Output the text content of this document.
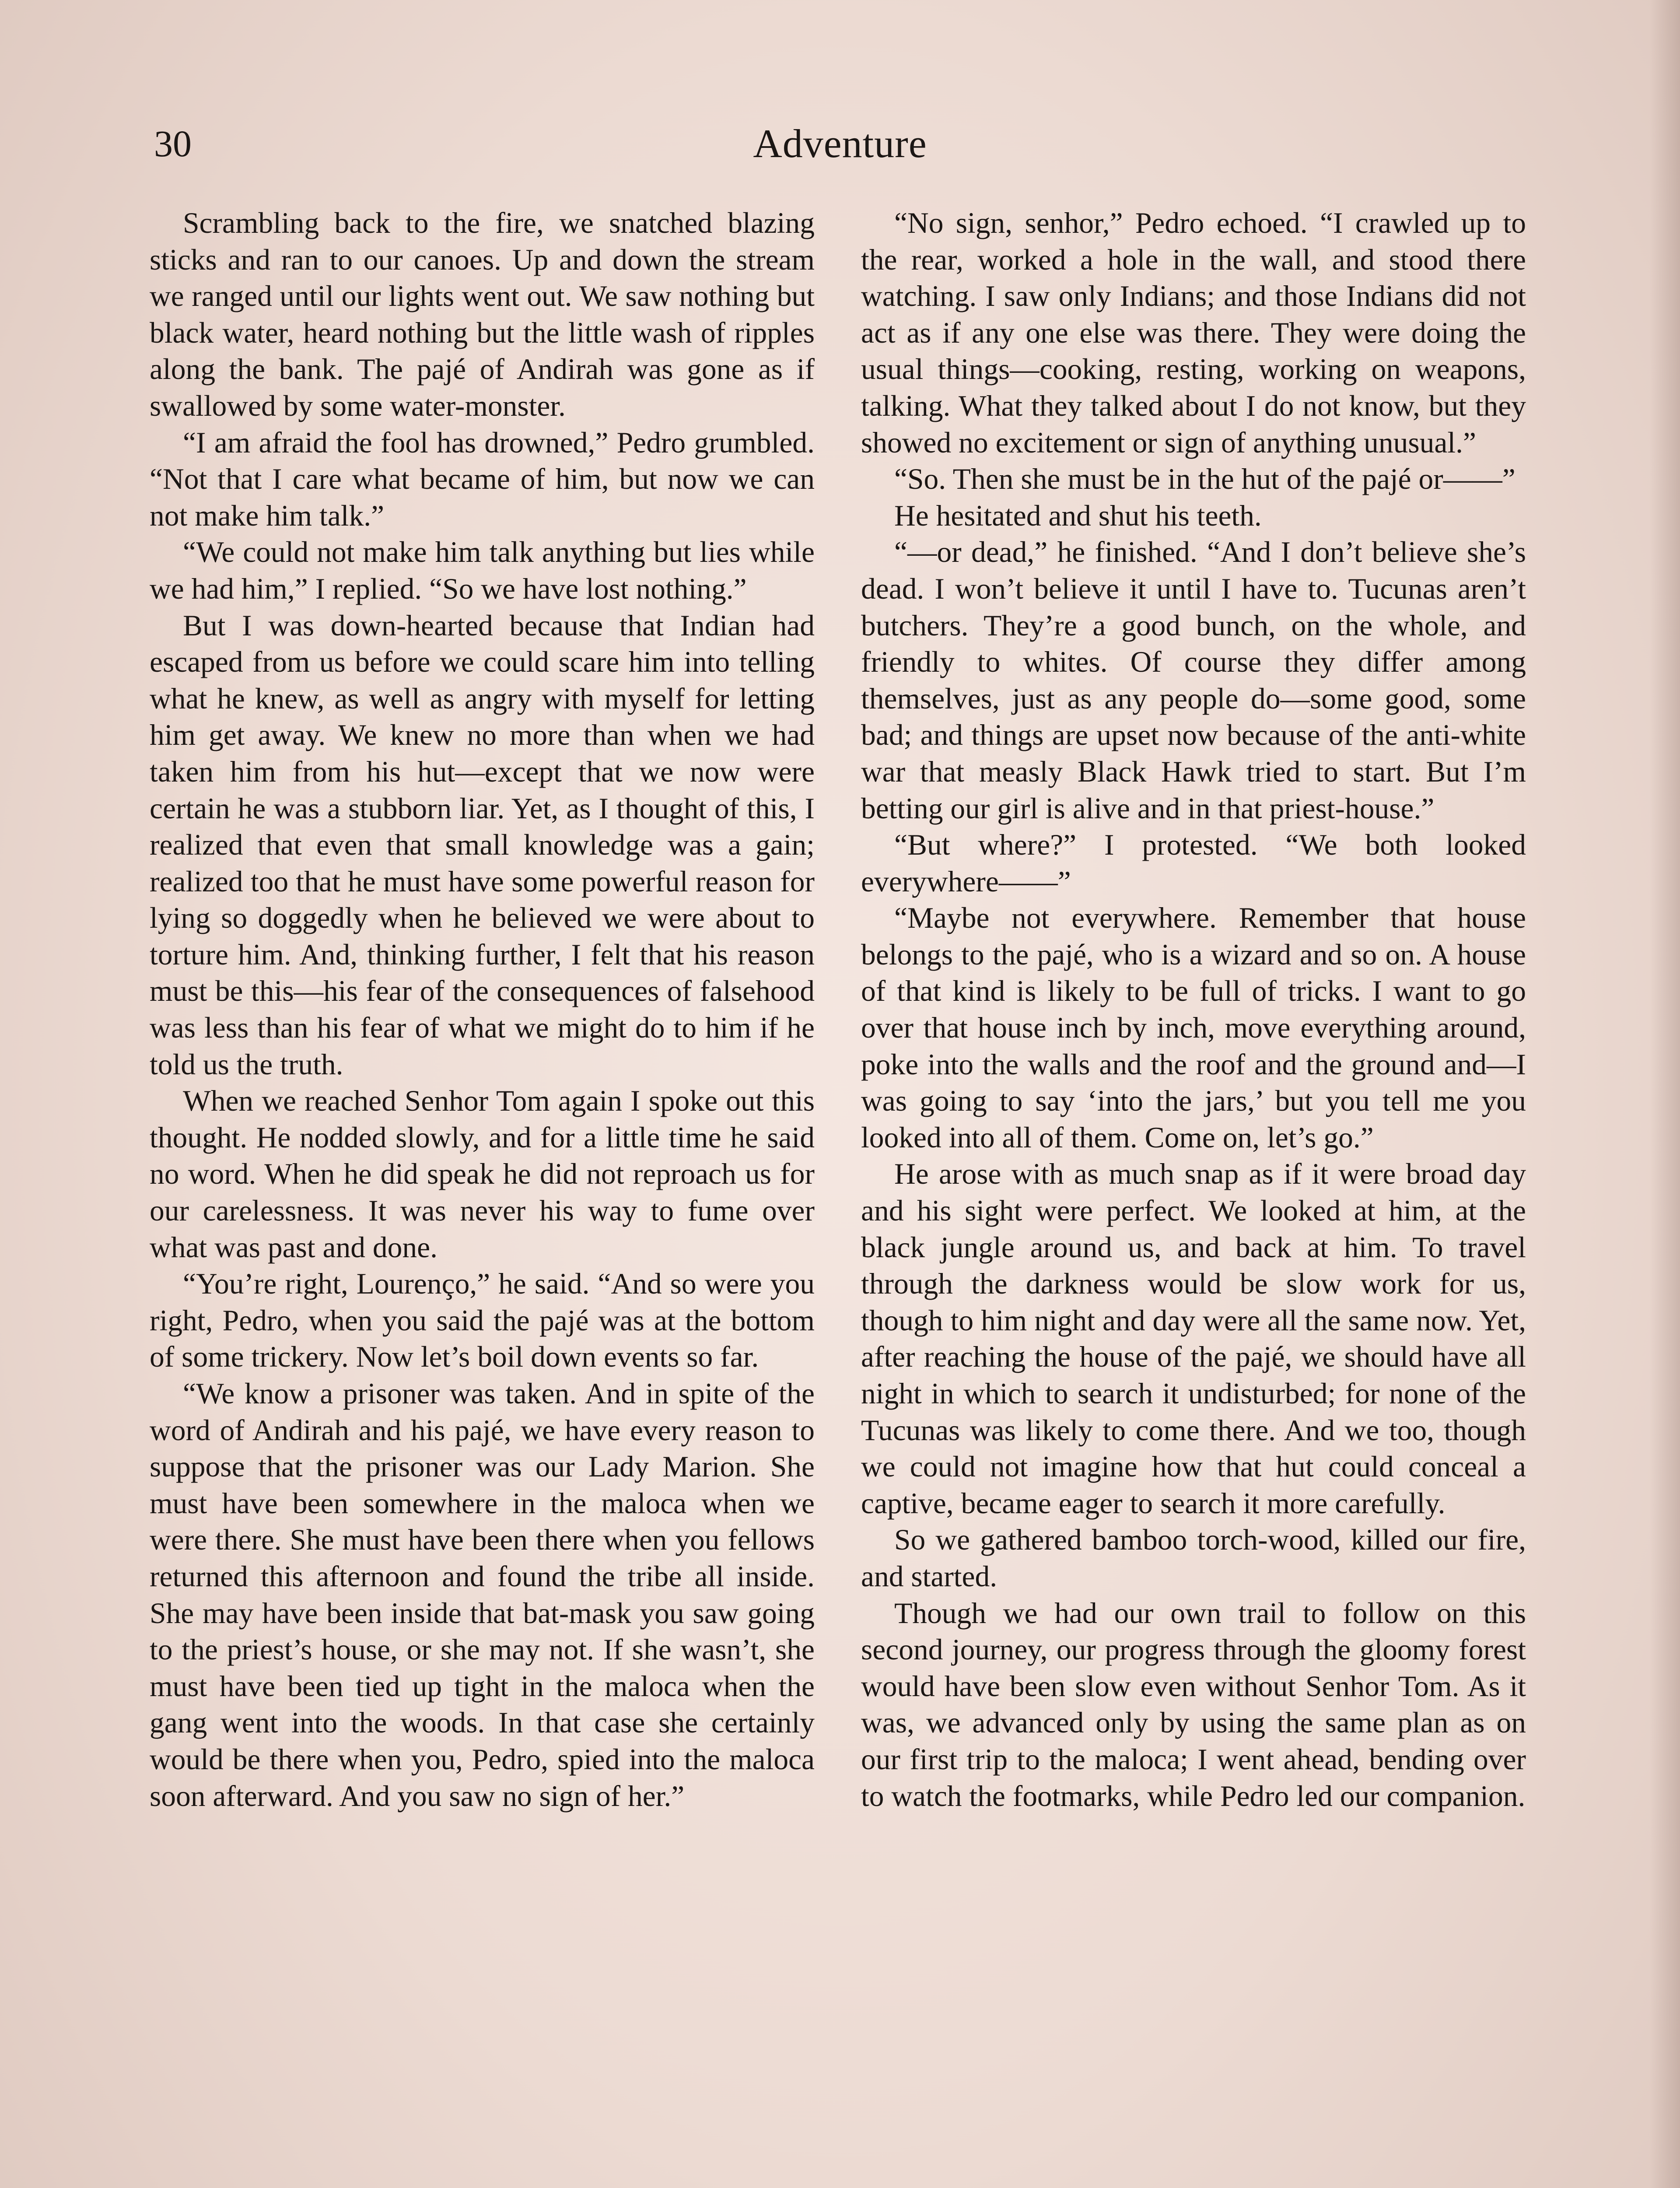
30	Adventure

Scrambling back to the fire, we snatched blazing sticks and ran to our canoes. Up and down the stream we ranged until our lights went out. We saw nothing but black water, heard nothing but the little wash of ripples along the bank. The pajé of Andirah was gone as if swallowed by some water-monster.

“I am afraid the fool has drowned,” Pedro grumbled. “Not that I care what became of him, but now we can not make him talk.”

“We could not make him talk anything but lies while we had him,” I replied. “So we have lost nothing.”

But I was down-hearted because that Indian had escaped from us before we could scare him into telling what he knew, as well as angry with myself for letting him get away. We knew no more than when we had taken him from his hut—except that we now were certain he was a stubborn liar. Yet, as I thought of this, I realized that even that small knowledge was a gain; realized too that he must have some powerful reason for lying so doggedly when he believed we were about to torture him. And, thinking further, I felt that his reason must be this—his fear of the consequences of falsehood was less than his fear of what we might do to him if he told us the truth.

When we reached Senhor Tom again I spoke out this thought. He nodded slowly, and for a little time he said no word. When he did speak he did not reproach us for our carelessness. It was never his way to fume over what was past and done.

“You’re right, Lourenço,” he said. “And so were you right, Pedro, when you said the pajé was at the bottom of some trickery. Now let’s boil down events so far.

“We know a prisoner was taken. And in spite of the word of Andirah and his pajé, we have every reason to suppose that the prisoner was our Lady Marion. She must have been somewhere in the maloca when we were there. She must have been there when you fellows returned this afternoon and found the tribe all inside. She may have been inside that bat-mask you saw going to the priest’s house, or she may not. If she wasn’t, she must have been tied up tight in the maloca when the gang went into the woods. In that case she certainly would be there when you, Pedro, spied into the maloca soon afterward. And you saw no sign of her.”

“No sign, senhor,” Pedro echoed. “I crawled up to the rear, worked a hole in the wall, and stood there watching. I saw only Indians; and those Indians did not act as if any one else was there. They were doing the usual things—cooking, resting, working on weapons, talking. What they talked about I do not know, but they showed no excitement or sign of anything unusual.”

“So. Then she must be in the hut of the pajé or——”

He hesitated and shut his teeth.

“—or dead,” he finished. “And I don’t believe she’s dead. I won’t believe it until I have to. Tucunas aren’t butchers. They’re a good bunch, on the whole, and friendly to whites. Of course they differ among themselves, just as any people do—some good, some bad; and things are upset now because of the anti-white war that measly Black Hawk tried to start. But I’m betting our girl is alive and in that priest-house.”

“But where?” I protested. “We both looked everywhere——”

“Maybe not everywhere. Remember that house belongs to the pajé, who is a wizard and so on. A house of that kind is likely to be full of tricks. I want to go over that house inch by inch, move everything around, poke into the walls and the roof and the ground and—I was going to say ‘into the jars,’ but you tell me you looked into all of them. Come on, let’s go.”

He arose with as much snap as if it were broad day and his sight were perfect. We looked at him, at the black jungle around us, and back at him. To travel through the darkness would be slow work for us, though to him night and day were all the same now. Yet, after reaching the house of the pajé, we should have all night in which to search it undisturbed; for none of the Tucunas was likely to come there. And we too, though we could not imagine how that hut could conceal a captive, became eager to search it more carefully.

So we gathered bamboo torch-wood, killed our fire, and started.

Though we had our own trail to follow on this second journey, our progress through the gloomy forest would have been slow even without Senhor Tom. As it was, we advanced only by using the same plan as on our first trip to the maloca; I went ahead, bending over to watch the footmarks, while Pedro led our companion.
